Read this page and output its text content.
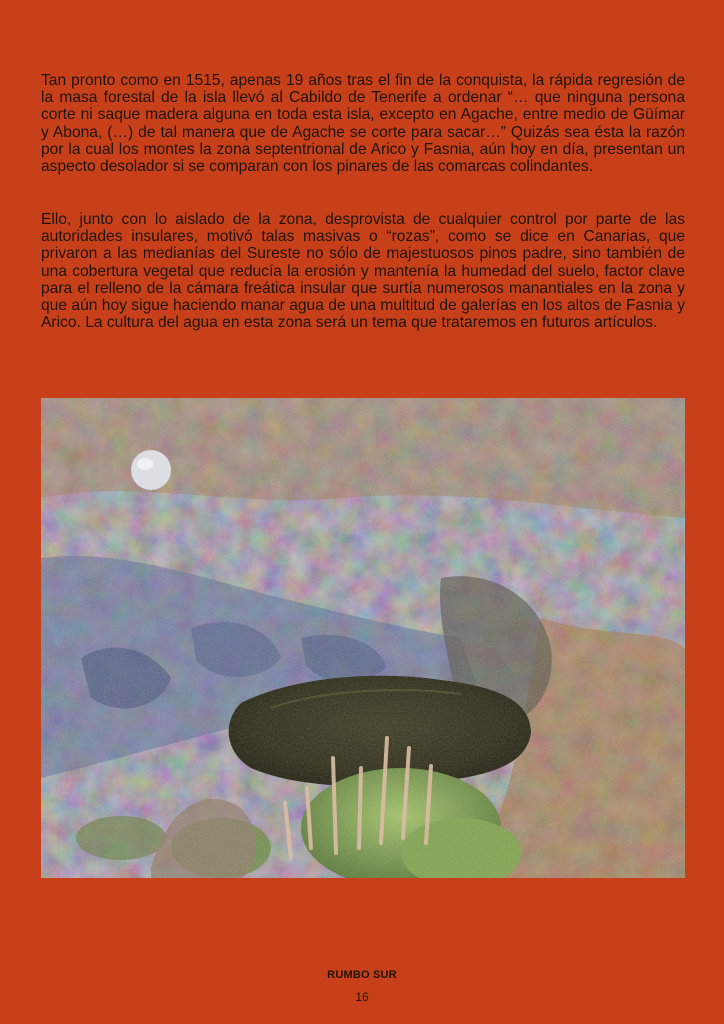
Tan pronto como en 1515, apenas 19 años tras el fin de la conquista, la rápida regresión de la masa forestal de la isla llevó al Cabildo de Tenerife a ordenar “… que ninguna persona corte ni saque madera alguna en toda esta isla, excepto en Agache, entre medio de Güímar y Abona, (…) de tal manera que de Agache se corte para sacar…” Quizás sea ésta la razón por la cual los montes la zona septentrional de Arico y Fasnia, aún hoy en día, presentan un aspecto desolador si se comparan con los pinares de las comarcas colindantes.

Ello, junto con lo aislado de la zona, desprovista de cualquier control por parte de las autoridades insulares, motivó talas masivas o “rozas”, como se dice en Canarias, que privaron a las medianías del Sureste no sólo de majestuosos pinos padre, sino también de una cobertura vegetal que reducía la erosión y mantenía la humedad del suelo, factor clave para el relleno de la cámara freática insular que surtía numerosos manantiales en la zona y que aún hoy sigue haciendo manar agua de una multitud de galerías en los altos de Fasnia y Arico. La cultura del agua en esta zona será un tema que trataremos en futuros artículos.

RUMBO SUR
16
